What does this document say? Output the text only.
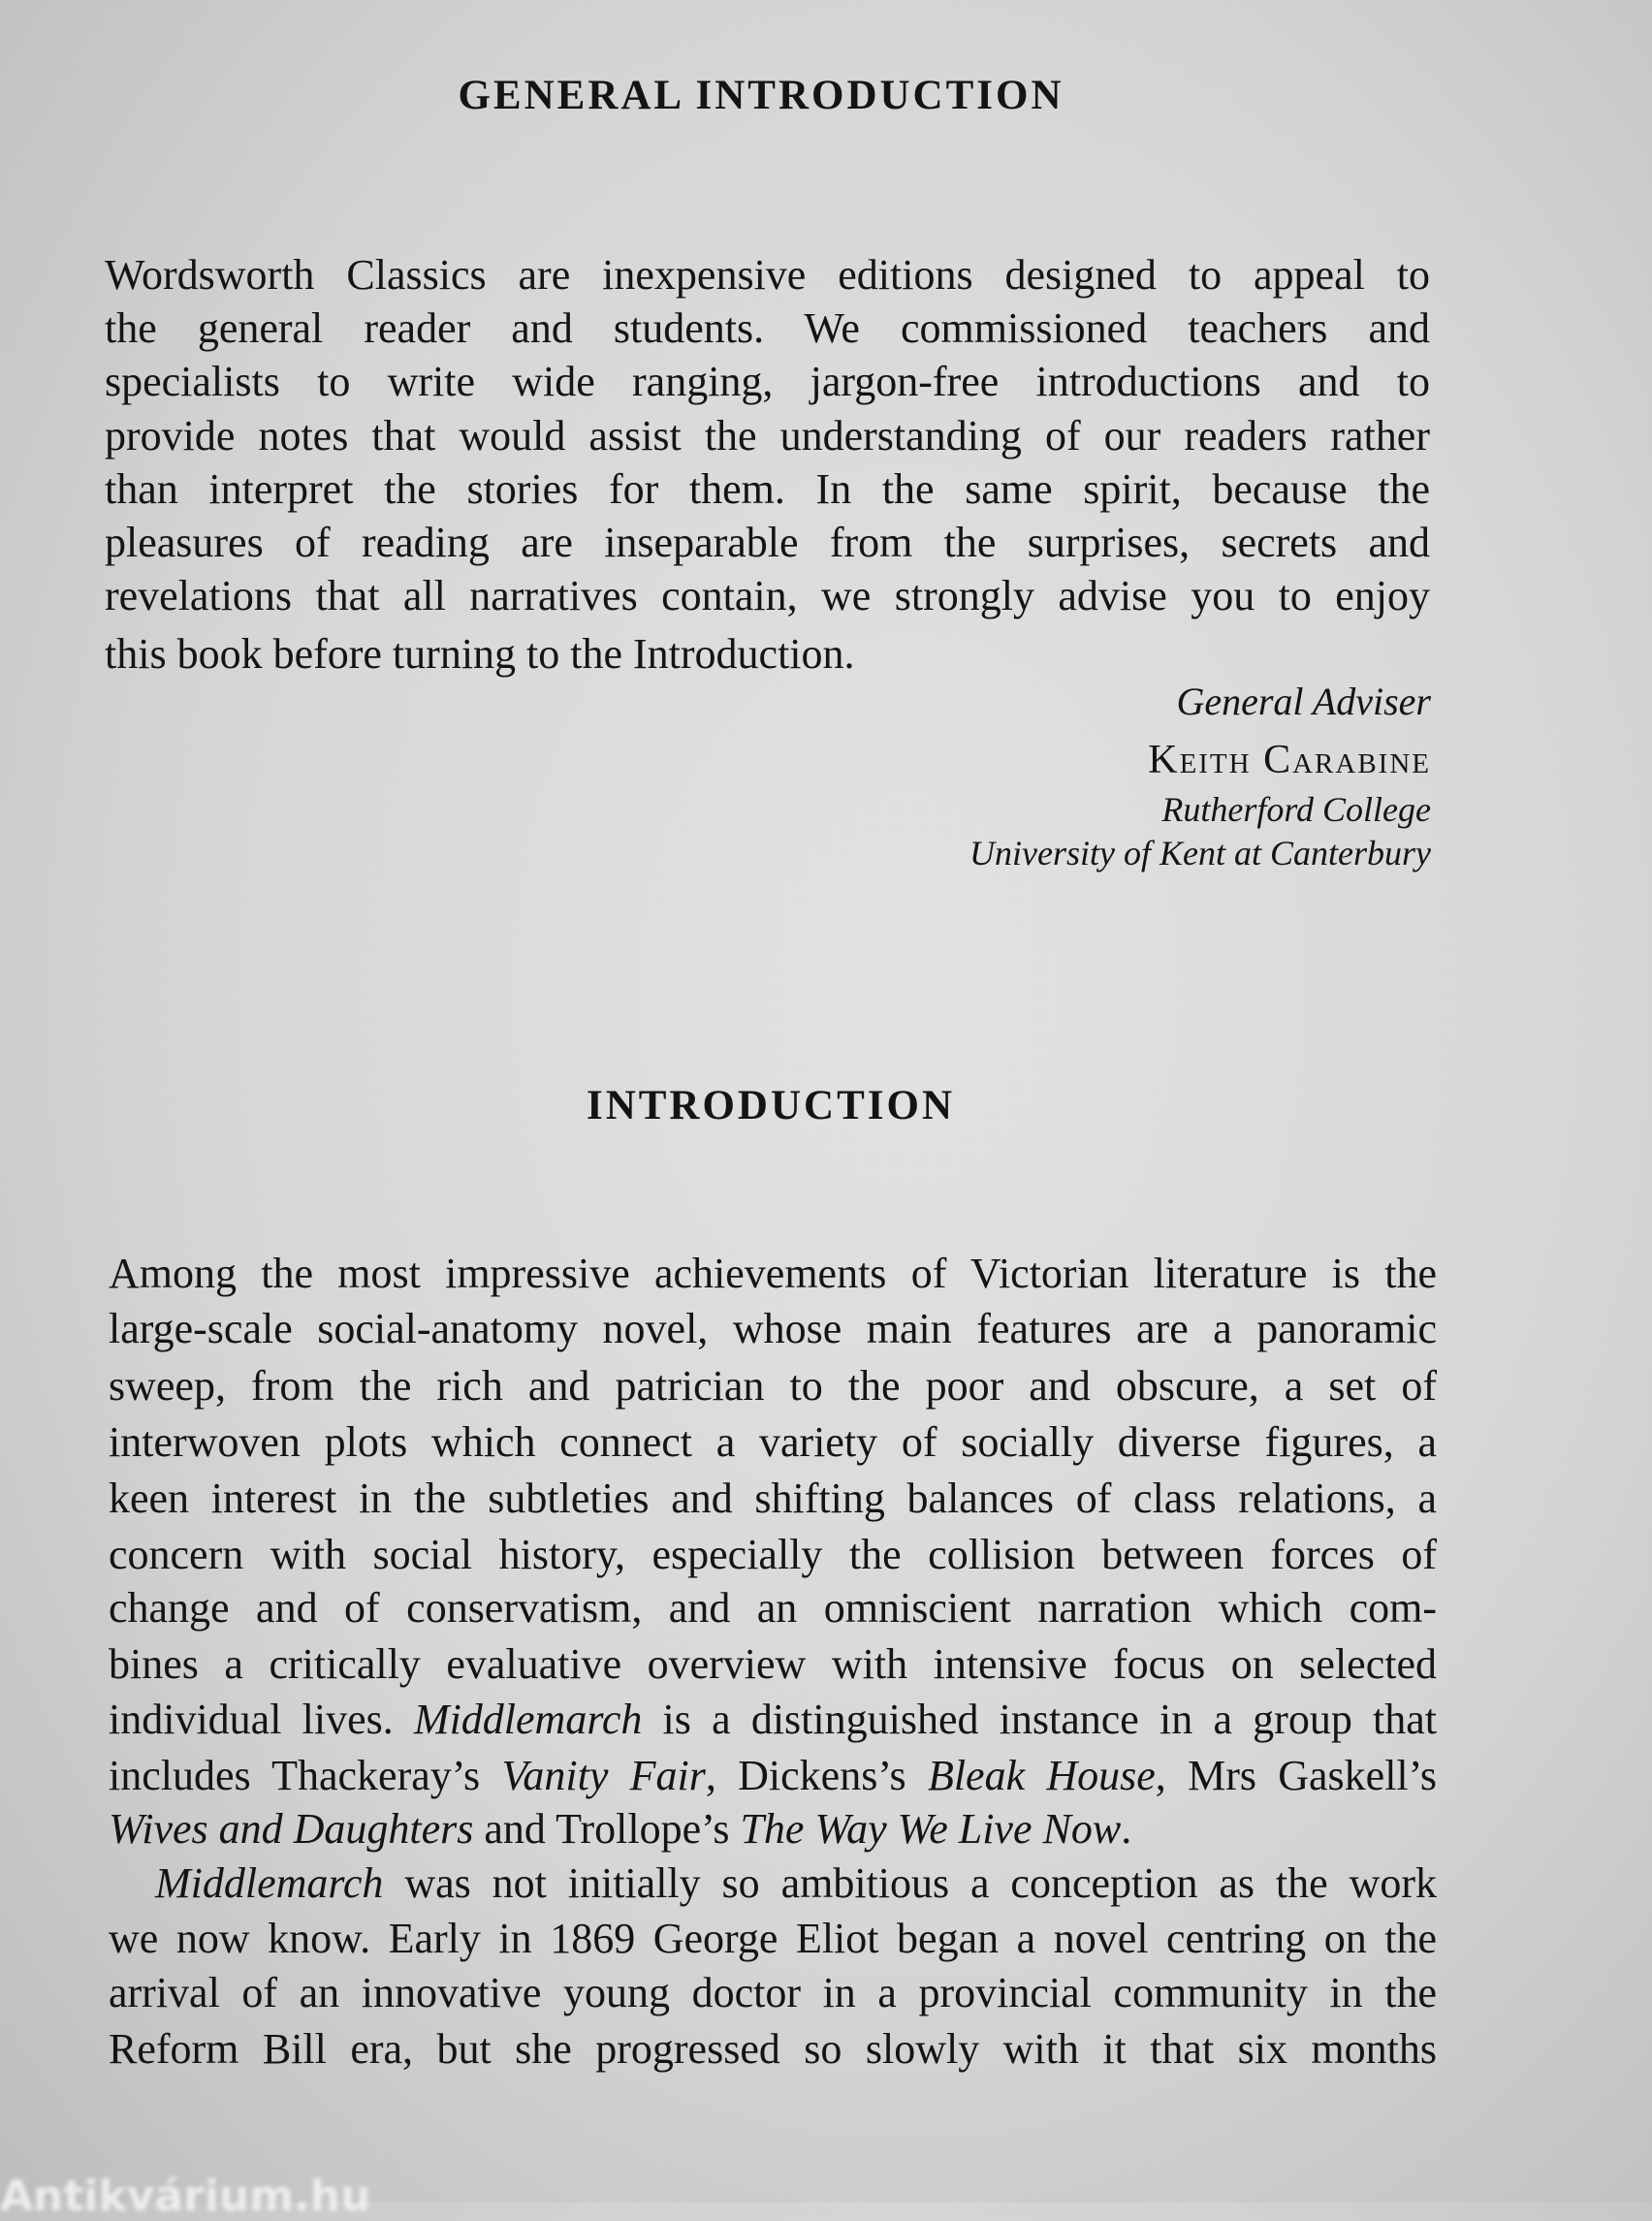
GENERAL INTRODUCTION
Wordsworth Classics are inexpensive editions designed to appeal to
the general reader and students. We commissioned teachers and
specialists to write wide ranging, jargon-free introductions and to
provide notes that would assist the understanding of our readers rather
than interpret the stories for them. In the same spirit, because the
pleasures of reading are inseparable from the surprises, secrets and
revelations that all narratives contain, we strongly advise you to enjoy
this book before turning to the Introduction.
General Adviser
Keith Carabine
Rutherford College
University of Kent at Canterbury
INTRODUCTION
Among the most impressive achievements of Victorian literature is the
large-scale social-anatomy novel, whose main features are a panoramic
sweep, from the rich and patrician to the poor and obscure, a set of
interwoven plots which connect a variety of socially diverse figures, a
keen interest in the subtleties and shifting balances of class relations, a
concern with social history, especially the collision between forces of
change and of conservatism, and an omniscient narration which com-
bines a critically evaluative overview with intensive focus on selected
individual lives. Middlemarch is a distinguished instance in a group that
includes Thackeray’s Vanity Fair, Dickens’s Bleak House, Mrs Gaskell’s
Wives and Daughters and Trollope’s The Way We Live Now.
Middlemarch was not initially so ambitious a conception as the work
we now know. Early in 1869 George Eliot began a novel centring on the
arrival of an innovative young doctor in a provincial community in the
Reform Bill era, but she progressed so slowly with it that six months
Antikvárium.hu
